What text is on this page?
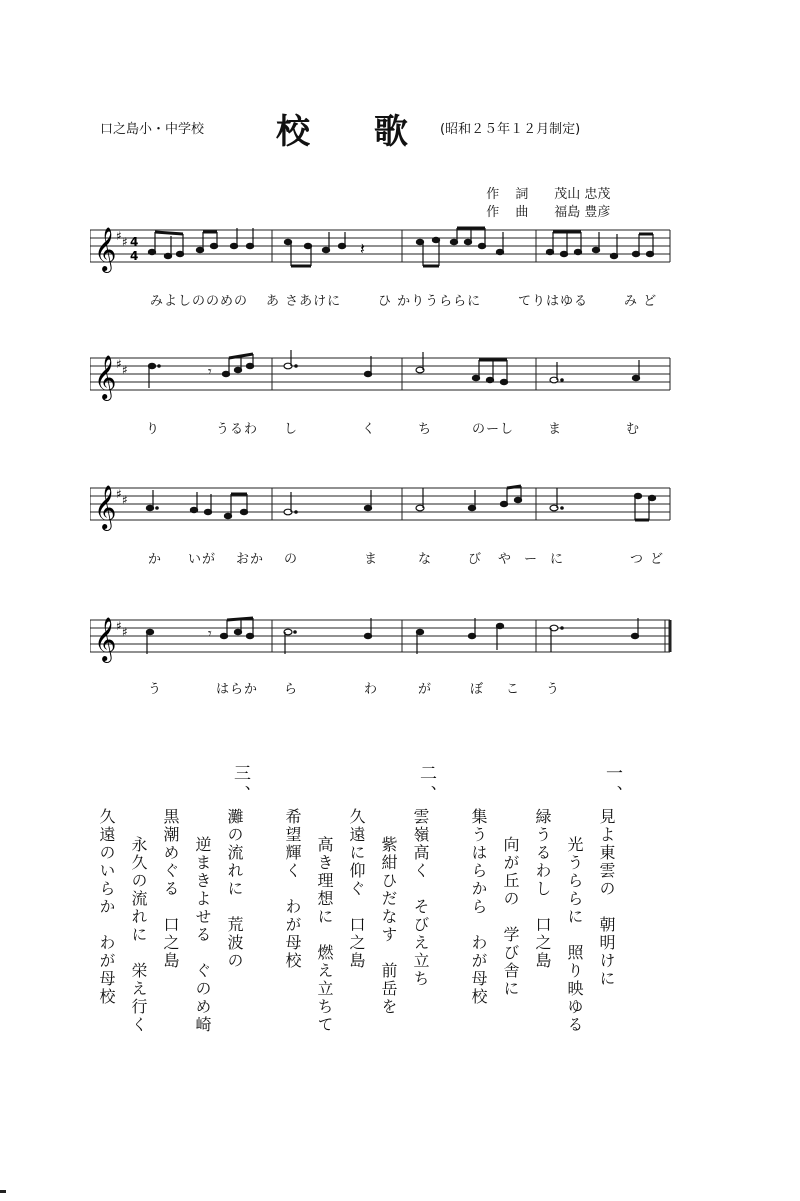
口之島小・中学校 校 歌 (昭和２５年１２月制定)

作 詞 茂山 忠茂

作 曲 福島 豊彦

𝄞 ♯ ♯ 4
4	𝄽
みよしののめの あ さあけに	ひ かりうららに	てりはゆる	み ど
𝄞 ♯ ♯	𝄾
り	うるわ し	く	ち	のーし	ま	む
𝄞 ♯ ♯
か いが おか の	ま	な	び や ー に	つ ど
𝄞 ♯ ♯	𝄾
う	はらか ら	わ	が	ぼ こ う
一、
見よ東雲の　朝明けに
光うららに　照り映ゆる
緑うるわし　口之島
向が丘の　学び舎に
集うはらから　わが母校
二、
雲嶺高く　そびえ立ち
紫紺ひだなす　前岳を
久遠に仰ぐ　口之島
高き理想に　燃え立ちて
希望輝く　わが母校
三、
灘の流れに　荒波の
逆まきよせる　ぐのめ崎
黒潮めぐる　口之島
永久の流れに　栄え行く
久遠のいらか　わが母校
